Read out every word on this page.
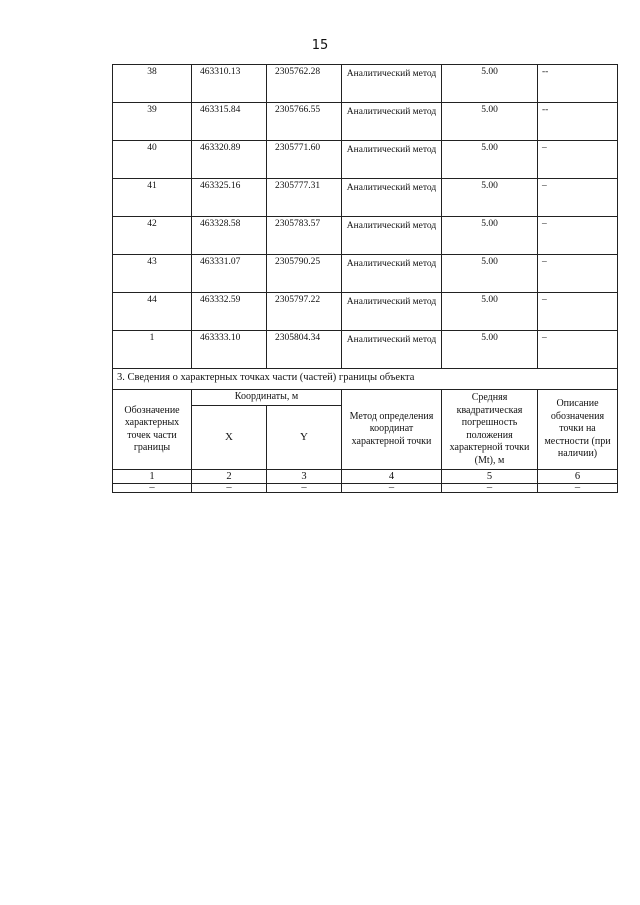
15
38	463310.13	2305762.28	Аналитический метод	5.00	--
39	463315.84	2305766.55	Аналитический метод	5.00	--
40	463320.89	2305771.60	Аналитический метод	5.00	–
41	463325.16	2305777.31	Аналитический метод	5.00	–
42	463328.58	2305783.57	Аналитический метод	5.00	–
43	463331.07	2305790.25	Аналитический метод	5.00	–
44	463332.59	2305797.22	Аналитический метод	5.00	–
1	463333.10	2305804.34	Аналитический метод	5.00	–
3. Сведения о характерных точках части (частей) границы объекта					
Обозначение характерных точек части границы	Координаты, м		Метод определения координат характерной точки	Средняя квадратическая погрешность положения характерной точки (Mt), м	Описание обозначения точки на местности (при наличии)
	X	Y			
1	2	3	4	5	6
–	–	–	–	–	–
